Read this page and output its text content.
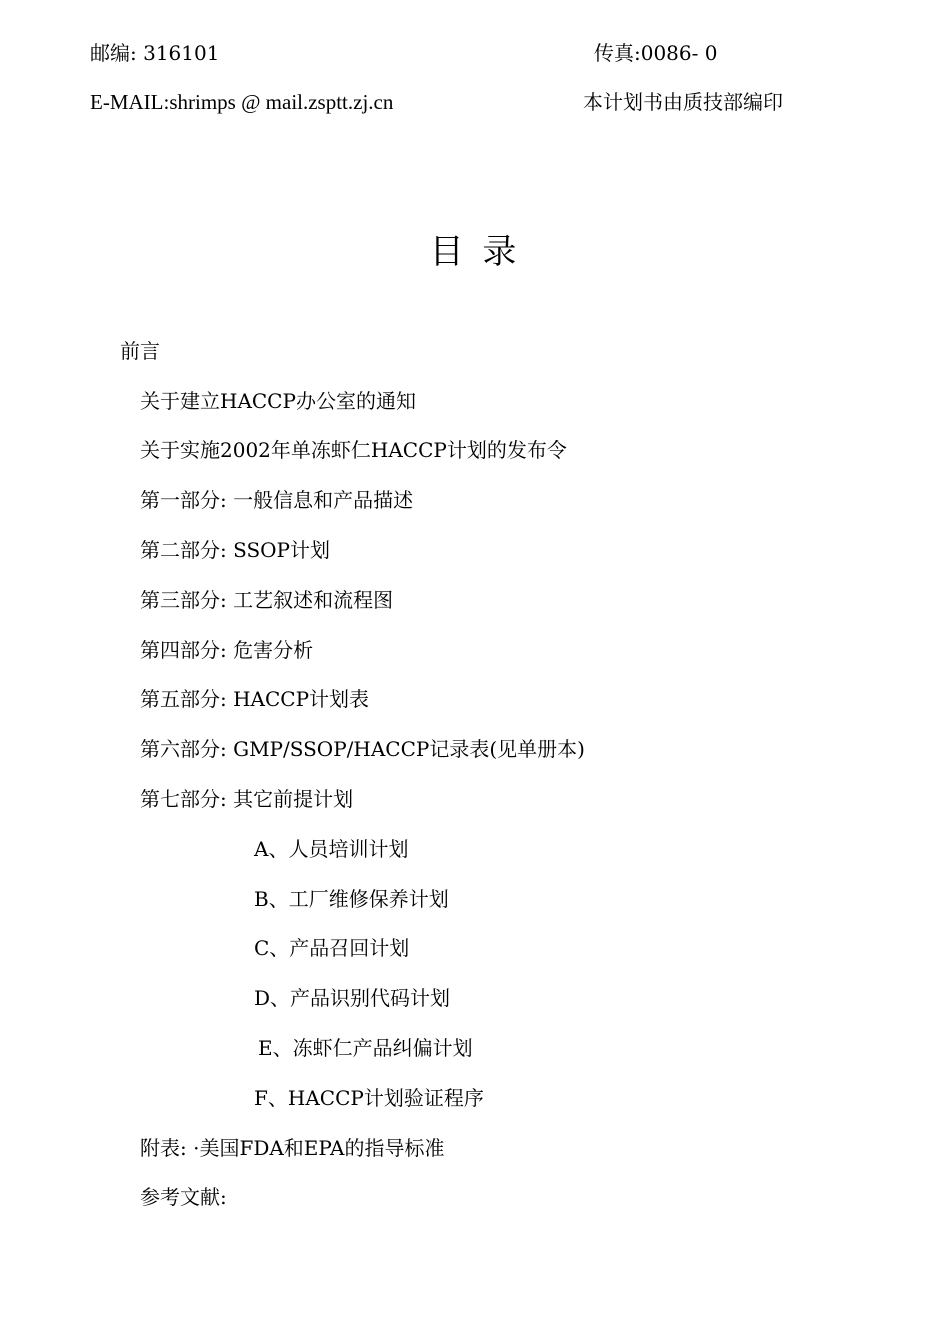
邮编: 316101	传真:0086- 0
E-MAIL:shrimps @ mail.zsptt.zj.cn	本计划书由质技部编印
目 录
前言
关于建立HACCP办公室的通知
关于实施2002年单冻虾仁HACCP计划的发布令
第一部分: 一般信息和产品描述
第二部分: SSOP计划
第三部分: 工艺叙述和流程图
第四部分: 危害分析
第五部分: HACCP计划表
第六部分: GMP/SSOP/HACCP记录表(见单册本)
第七部分: 其它前提计划
A、人员培训计划
B、工厂维修保养计划
C、产品召回计划
D、产品识别代码计划
E、冻虾仁产品纠偏计划
F、HACCP计划验证程序
附表: ·美国FDA和EPA的指导标准
参考文献:
